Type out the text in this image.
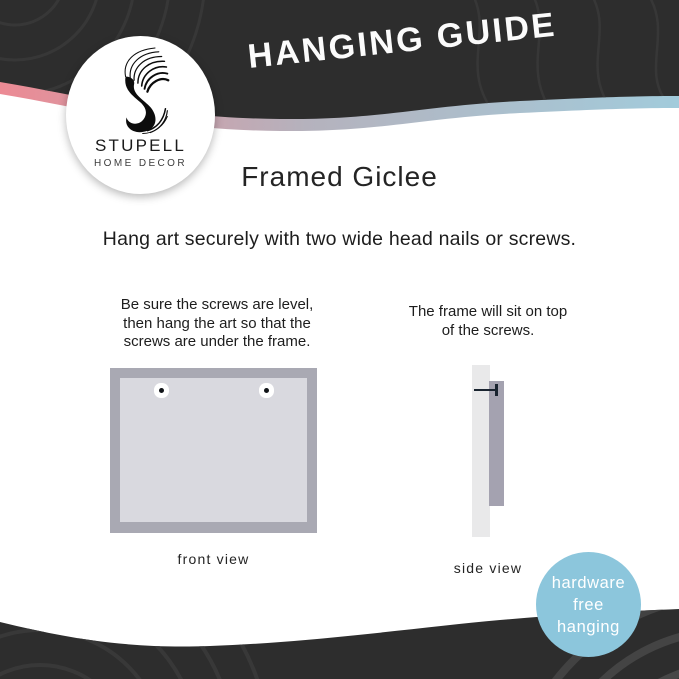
HANGING GUIDE
STUPELL
HOME DECOR	Framed Giclee
Hang art securely with two wide head nails or screws.
Be sure the screws are level,
then hang the art so that the
screws are under the frame.
front view
The frame will sit on top
of the screws.
side view
hardware
free
hanging
